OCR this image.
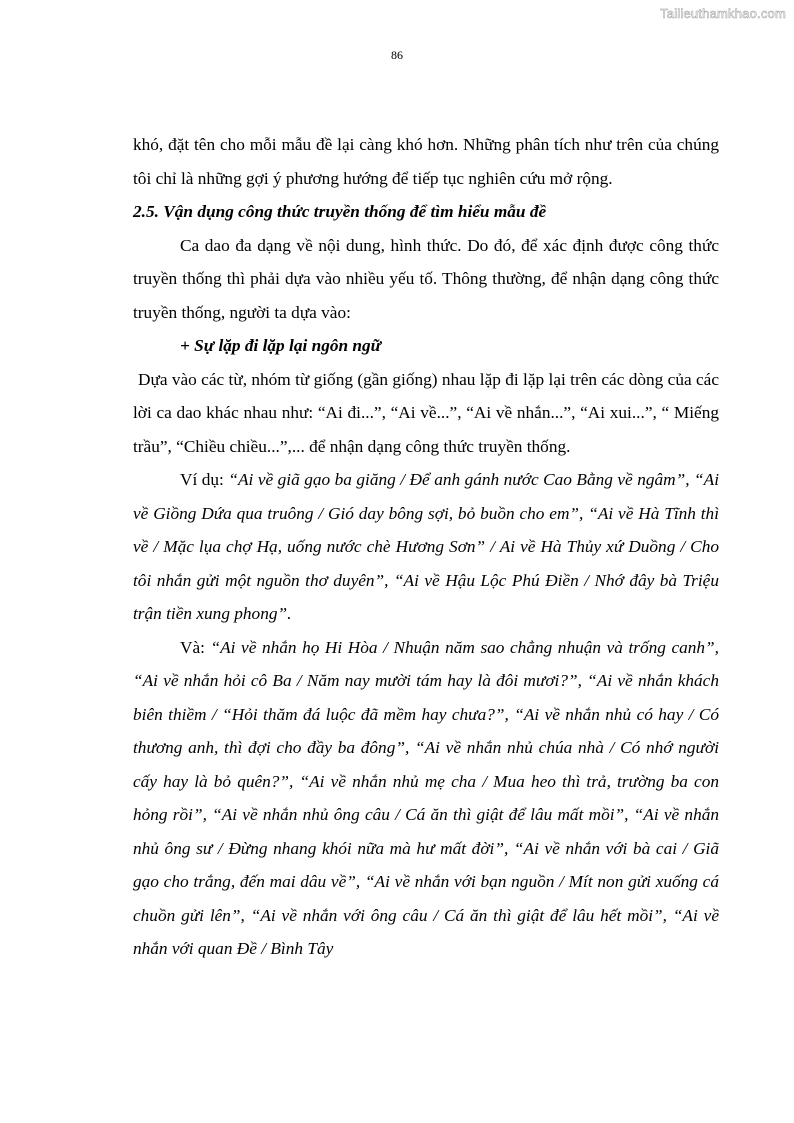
Tailieuthamkhao.com
86

khó, đặt tên cho mỗi mẫu đề lại càng khó hơn. Những phân tích như trên của chúng tôi chỉ là những gợi ý phương hướng để tiếp tục nghiên cứu mở rộng.

2.5. Vận dụng công thức truyền thống để tìm hiểu mẫu đề

Ca dao đa dạng về nội dung, hình thức. Do đó, để xác định được công thức truyền thống thì phải dựa vào nhiều yếu tố. Thông thường, để nhận dạng công thức truyền thống, người ta dựa vào:

+ Sự lặp đi lặp lại ngôn ngữ

Dựa vào các từ, nhóm từ giống (gần giống) nhau lặp đi lặp lại trên các dòng của các lời ca dao khác nhau như: “Ai đi...”, “Ai về...”, “Ai về nhắn...”, “Ai xui...”, “ Miếng trầu”, “Chiều chiều...”,... để nhận dạng công thức truyền thống.

Ví dụ: “Ai về giã gạo ba giăng / Để anh gánh nước Cao Bằng về ngâm”, “Ai về Giồng Dứa qua truông / Gió day bông sợi, bỏ buồn cho em”, “Ai về Hà Tĩnh thì về / Mặc lụa chợ Hạ, uống nước chè Hương Sơn” / Ai về Hà Thủy xứ Duồng / Cho tôi nhắn gửi một nguồn thơ duyên”, “Ai về Hậu Lộc Phú Điền / Nhớ đây bà Triệu trận tiền xung phong”.

Và: “Ai về nhắn họ Hi Hòa / Nhuận năm sao chẳng nhuận và trống canh”, “Ai về nhắn hỏi cô Ba / Năm nay mười tám hay là đôi mươi?”, “Ai về nhắn khách biên thiềm / “Hỏi thăm đá luộc đã mềm hay chưa?”, “Ai về nhắn nhủ có hay / Có thương anh, thì đợi cho đầy ba đông”, “Ai về nhắn nhủ chúa nhà / Có nhớ người cấy hay là bỏ quên?”, “Ai về nhắn nhủ mẹ cha / Mua heo thì trả, trường ba con hỏng rồi”, “Ai về nhắn nhủ ông câu / Cá ăn thì giật để lâu mất mồi”, “Ai về nhắn nhủ ông sư / Đừng nhang khói nữa mà hư mất đời”, “Ai về nhắn với bà cai / Giã gạo cho trắng, đến mai dâu về”, “Ai về nhắn với bạn nguồn / Mít non gửi xuống cá chuồn gửi lên”, “Ai về nhắn với ông câu / Cá ăn thì giật để lâu hết mồi”, “Ai về nhắn với quan Đề / Bình Tây
